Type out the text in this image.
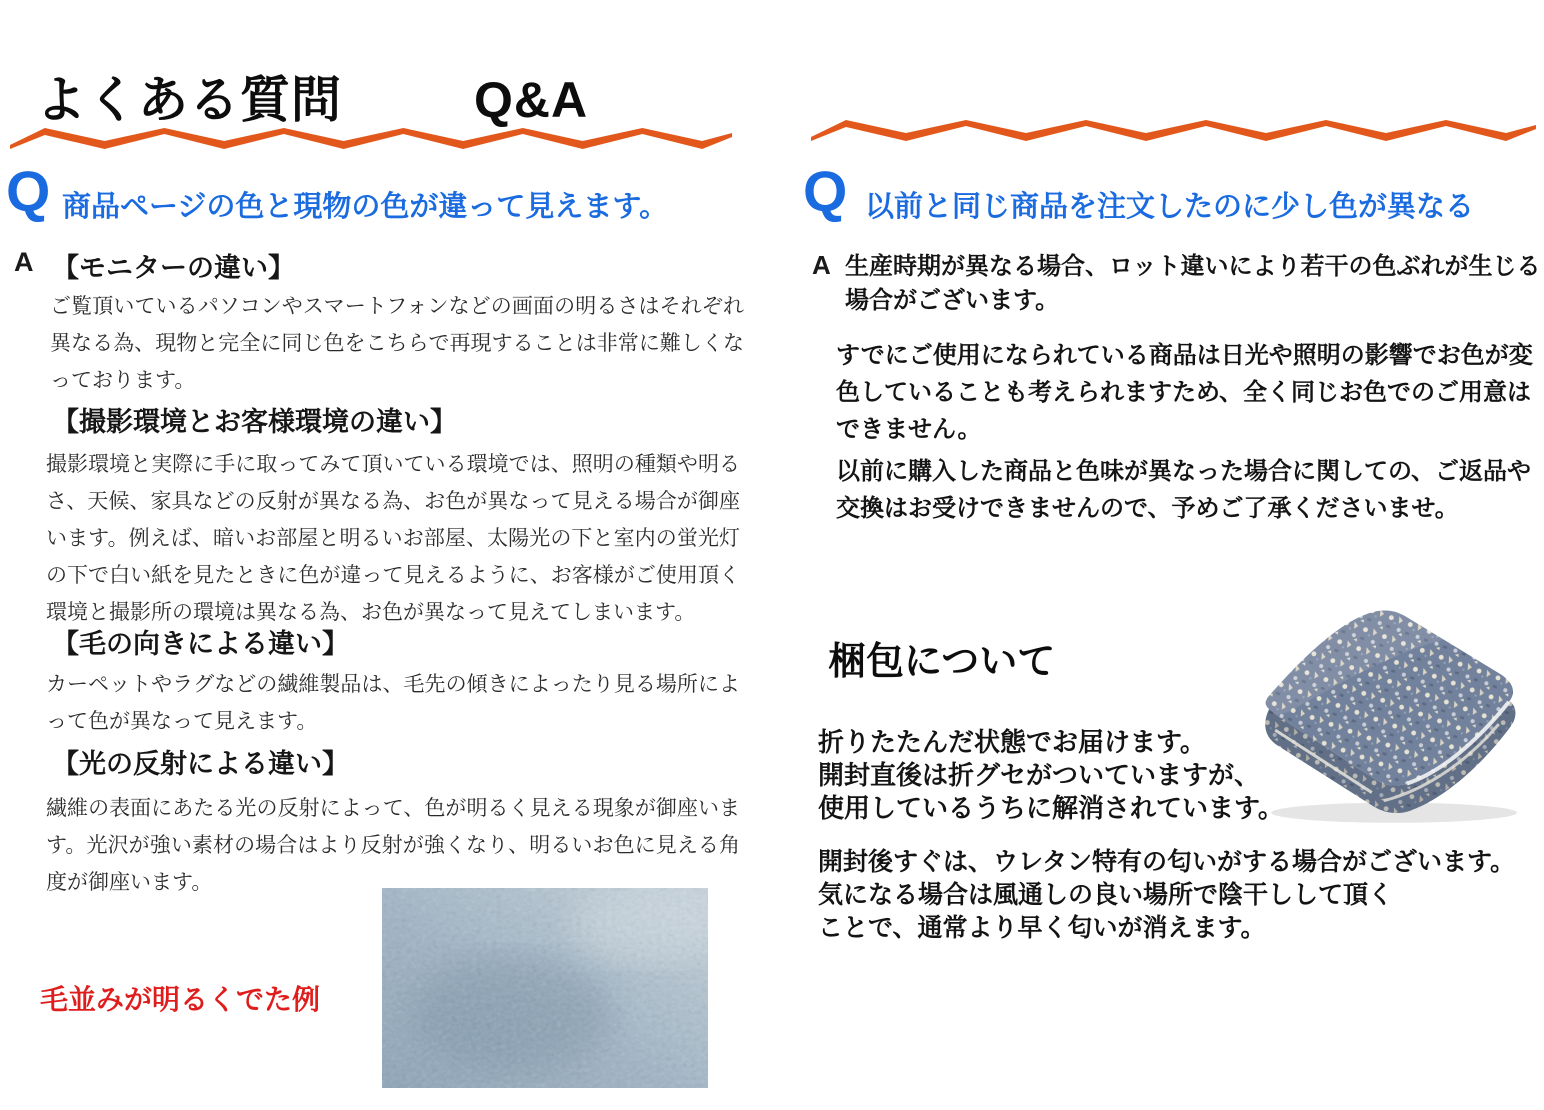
よくある質問	Q&A
Q 商品ページの色と現物の色が違って見えます。
A 【モニターの違い】
ご覧頂いているパソコンやスマートフォンなどの画面の明るさはそれぞれ異なる為、現物と完全に同じ色をこちらで再現することは非常に難しくなっております。
【撮影環境とお客様環境の違い】
撮影環境と実際に手に取ってみて頂いている環境では、照明の種類や明るさ、天候、家具などの反射が異なる為、お色が異なって見える場合が御座います。例えば、暗いお部屋と明るいお部屋、太陽光の下と室内の蛍光灯の下で白い紙を見たときに色が違って見えるように、お客様がご使用頂く環境と撮影所の環境は異なる為、お色が異なって見えてしまいます。
【毛の向きによる違い】
カーペットやラグなどの繊維製品は、毛先の傾きによったり見る場所によって色が異なって見えます。
【光の反射による違い】
繊維の表面にあたる光の反射によって、色が明るく見える現象が御座います。光沢が強い素材の場合はより反射が強くなり、明るいお色に見える角度が御座います。
毛並みが明るくでた例
Q 以前と同じ商品を注文したのに少し色が異なる
A 生産時期が異なる場合、ロット違いにより若干の色ぶれが生じる
場合がございます。
すでにご使用になられている商品は日光や照明の影響でお色が変
色していることも考えられますため、全く同じお色でのご用意は
できません。
以前に購入した商品と色味が異なった場合に関しての、ご返品や
交換はお受けできませんので、予めご了承くださいませ。
梱包について
折りたたんだ状態でお届けます。
開封直後は折グセがついていますが、
使用しているうちに解消されています。
開封後すぐは、ウレタン特有の匂いがする場合がございます。
気になる場合は風通しの良い場所で陰干しして頂く
ことで、通常より早く匂いが消えます。
